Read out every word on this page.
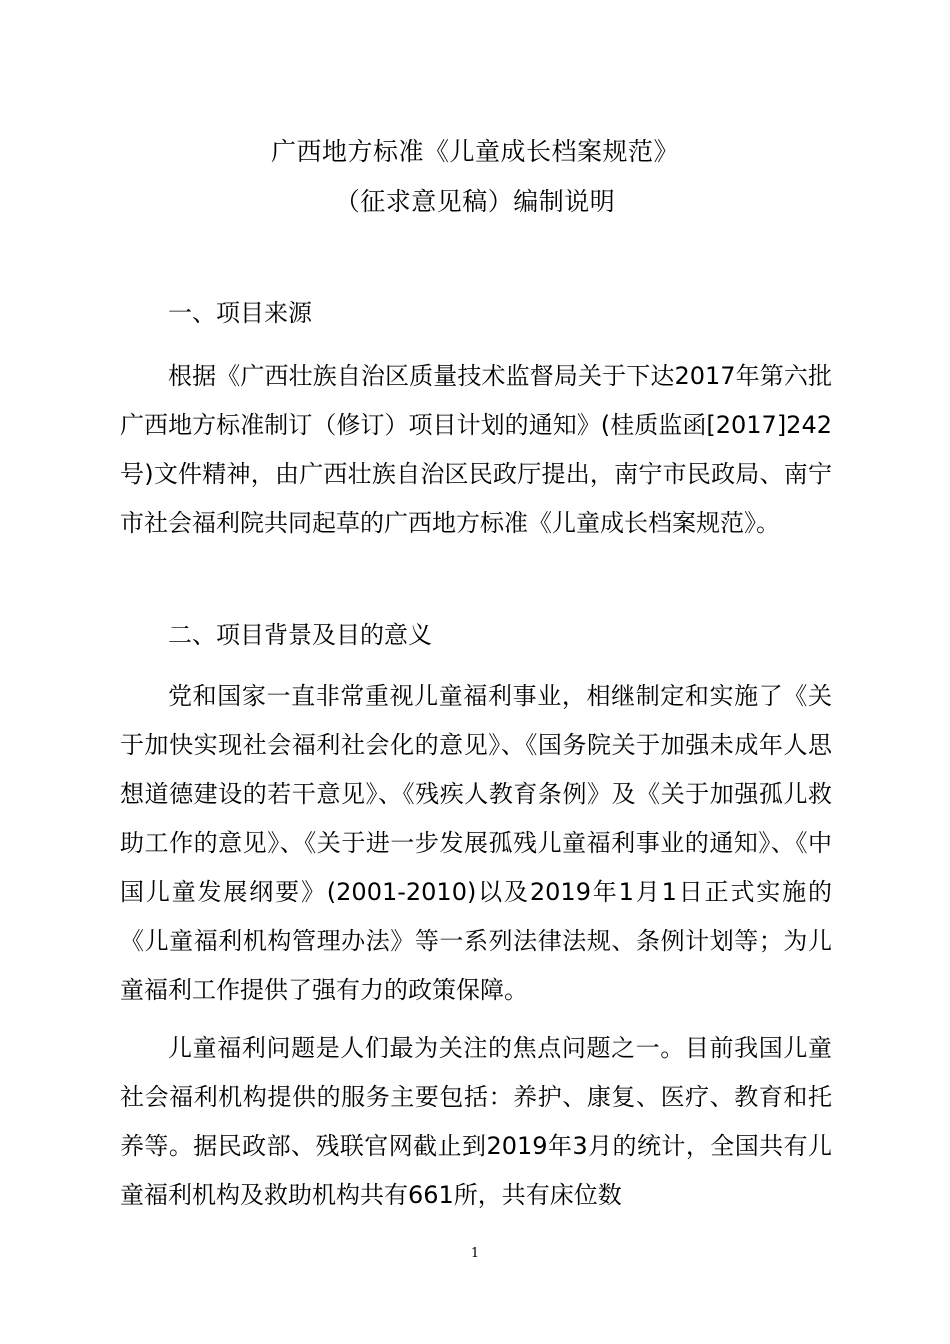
广西地方标准《儿童成长档案规范》
（征求意见稿）编制说明
一、项目来源
根据《广西壮族自治区质量技术监督局关于下达2017年第六批广西地方标准制订（修订）项目计划的通知》(桂质监函[2017]242号)文件精神，由广西壮族自治区民政厅提出，南宁市民政局、南宁市社会福利院共同起草的广西地方标准《儿童成长档案规范》。
二、项目背景及目的意义
党和国家一直非常重视儿童福利事业，相继制定和实施了《关于加快实现社会福利社会化的意见》、《国务院关于加强未成年人思想道德建设的若干意见》、《残疾人教育条例》及《关于加强孤儿救助工作的意见》、《关于进一步发展孤残儿童福利事业的通知》、《中国儿童发展纲要》(2001-2010)以及2019年1月1日正式实施的《儿童福利机构管理办法》等一系列法律法规、条例计划等；为儿童福利工作提供了强有力的政策保障。
儿童福利问题是人们最为关注的焦点问题之一。目前我国儿童社会福利机构提供的服务主要包括：养护、康复、医疗、教育和托养等。据民政部、残联官网截止到2019年3月的统计，全国共有儿童福利机构及救助机构共有661所，共有床位数
1
